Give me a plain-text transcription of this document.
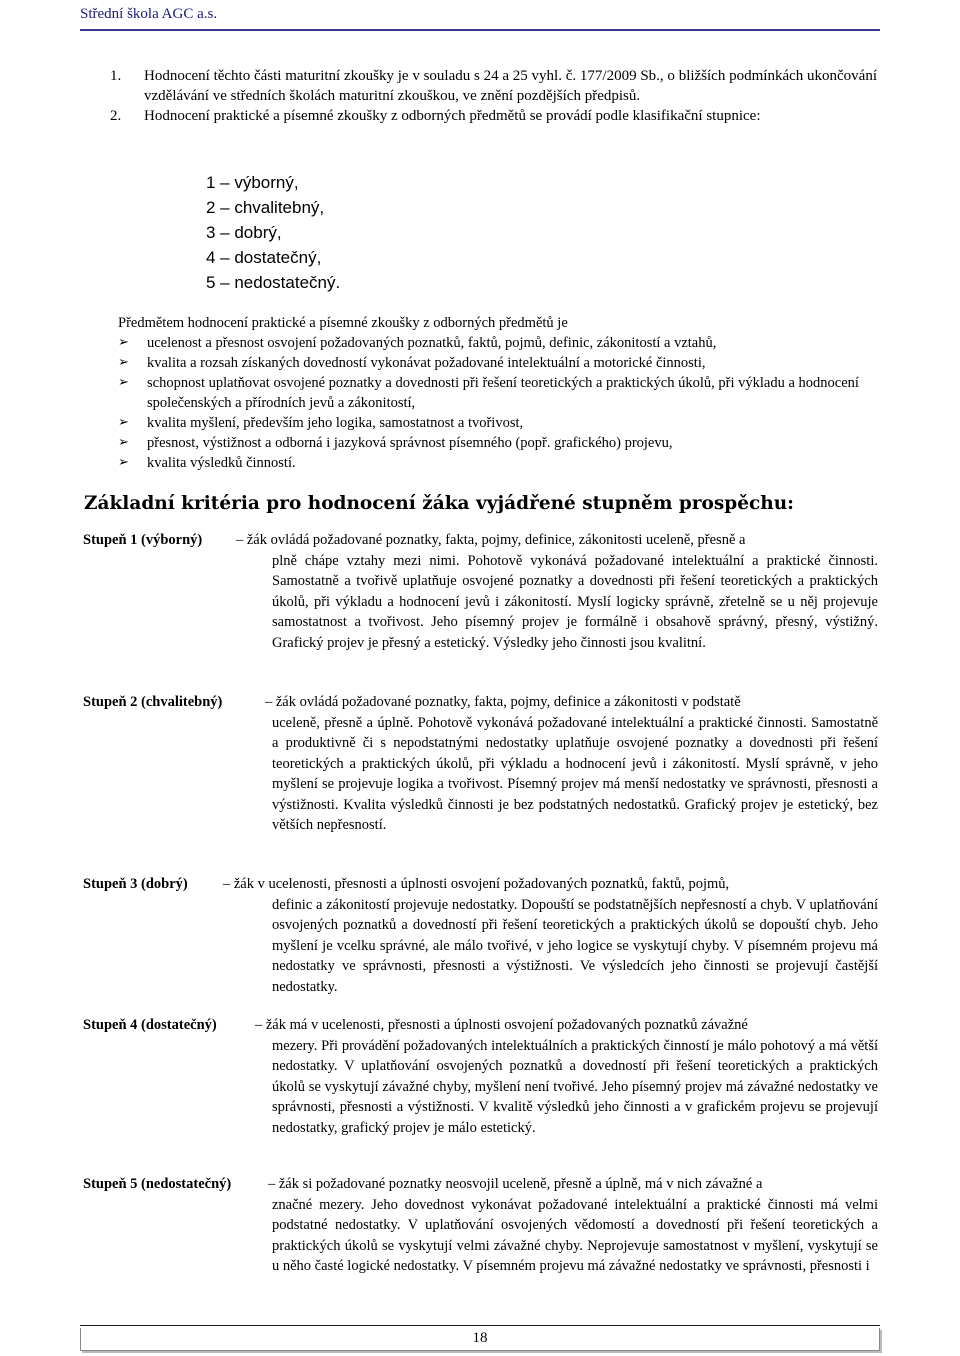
Střední škola AGC a.s.
1. Hodnocení těchto části maturitní zkoušky je v souladu s 24 a 25 vyhl. č. 177/2009 Sb., o bližších podmínkách ukončování vzdělávání ve středních školách maturitní zkouškou, ve znění pozdějších předpisů.
2. Hodnocení praktické a písemné zkoušky z odborných předmětů se provádí podle klasifikační stupnice:
1 – výborný,
2 – chvalitebný,
3 – dobrý,
4 – dostatečný,
5 – nedostatečný.
Předmětem hodnocení praktické a písemné zkoušky z odborných předmětů je
➢ ucelenost a přesnost osvojení požadovaných poznatků, faktů, pojmů, definic, zákonitostí a vztahů,
➢ kvalita a rozsah získaných dovedností vykonávat požadované intelektuální a motorické činnosti,
➢ schopnost uplatňovat osvojené poznatky a dovednosti při řešení teoretických a praktických úkolů, při výkladu a hodnocení společenských a přírodních jevů a zákonitostí,
➢ kvalita myšlení, především jeho logika, samostatnost a tvořivost,
➢ přesnost, výstižnost a odborná i jazyková správnost písemného (popř. grafického) projevu,
➢ kvalita výsledků činností.
Základní kritéria pro hodnocení žáka vyjádřené stupněm prospěchu:
Stupeň 1 (výborný)	– žák ovládá požadované poznatky, fakta, pojmy, definice, zákonitosti uceleně, přesně a
plně chápe vztahy mezi nimi. Pohotově vykonává požadované intelektuální a praktické činnosti. Samostatně a tvořivě uplatňuje osvojené poznatky a dovednosti při řešení teoretických a praktických úkolů, při výkladu a hodnocení jevů i zákonitostí. Myslí logicky správně, zřetelně se u něj projevuje samostatnost a tvořivost. Jeho písemný projev je formálně i obsahově správný, přesný, výstižný. Grafický projev je přesný a estetický. Výsledky jeho činnosti jsou kvalitní.
Stupeň 2 (chvalitebný)	– žák ovládá požadované poznatky, fakta, pojmy, definice a zákonitosti v podstatě
uceleně, přesně a úplně. Pohotově vykonává požadované intelektuální a praktické činnosti. Samostatně a produktivně či s nepodstatnými nedostatky uplatňuje osvojené poznatky a dovednosti při řešení teoretických a praktických úkolů, při výkladu a hodnocení jevů i zákonitostí. Myslí správně, v jeho myšlení se projevuje logika a tvořivost. Písemný projev má menší nedostatky ve správnosti, přesnosti a výstižnosti. Kvalita výsledků činnosti je bez podstatných nedostatků. Grafický projev je estetický, bez větších nepřesností.
Stupeň 3 (dobrý)	– žák v ucelenosti, přesnosti a úplnosti osvojení požadovaných poznatků, faktů, pojmů,
definic a zákonitostí projevuje nedostatky. Dopouští se podstatnějších nepřesností a chyb. V uplatňování osvojených poznatků a dovedností při řešení teoretických a praktických úkolů se dopouští chyb. Jeho myšlení je vcelku správné, ale málo tvořivé, v jeho logice se vyskytují chyby. V písemném projevu má nedostatky ve správnosti, přesnosti a výstižnosti. Ve výsledcích jeho činnosti se projevují častější nedostatky.
Stupeň 4 (dostatečný)	– žák má v ucelenosti, přesnosti a úplnosti osvojení požadovaných poznatků závažné
mezery. Při provádění požadovaných intelektuálních a praktických činností je málo pohotový a má větší nedostatky. V uplatňování osvojených poznatků a dovedností při řešení teoretických a praktických úkolů se vyskytují závažné chyby, myšlení není tvořivé. Jeho písemný projev má závažné nedostatky ve správnosti, přesnosti a výstižnosti. V kvalitě výsledků jeho činnosti a v grafickém projevu se projevují nedostatky, grafický projev je málo estetický.
Stupeň 5 (nedostatečný)	– žák si požadované poznatky neosvojil uceleně, přesně a úplně, má v nich závažné a
značné mezery. Jeho dovednost vykonávat požadované intelektuální a praktické činnosti má velmi podstatné nedostatky. V uplatňování osvojených vědomostí a dovedností při řešení teoretických a praktických úkolů se vyskytují velmi závažné chyby. Neprojevuje samostatnost v myšlení, vyskytují se u něho časté logické nedostatky. V písemném projevu má závažné nedostatky ve správnosti, přesnosti i
18
